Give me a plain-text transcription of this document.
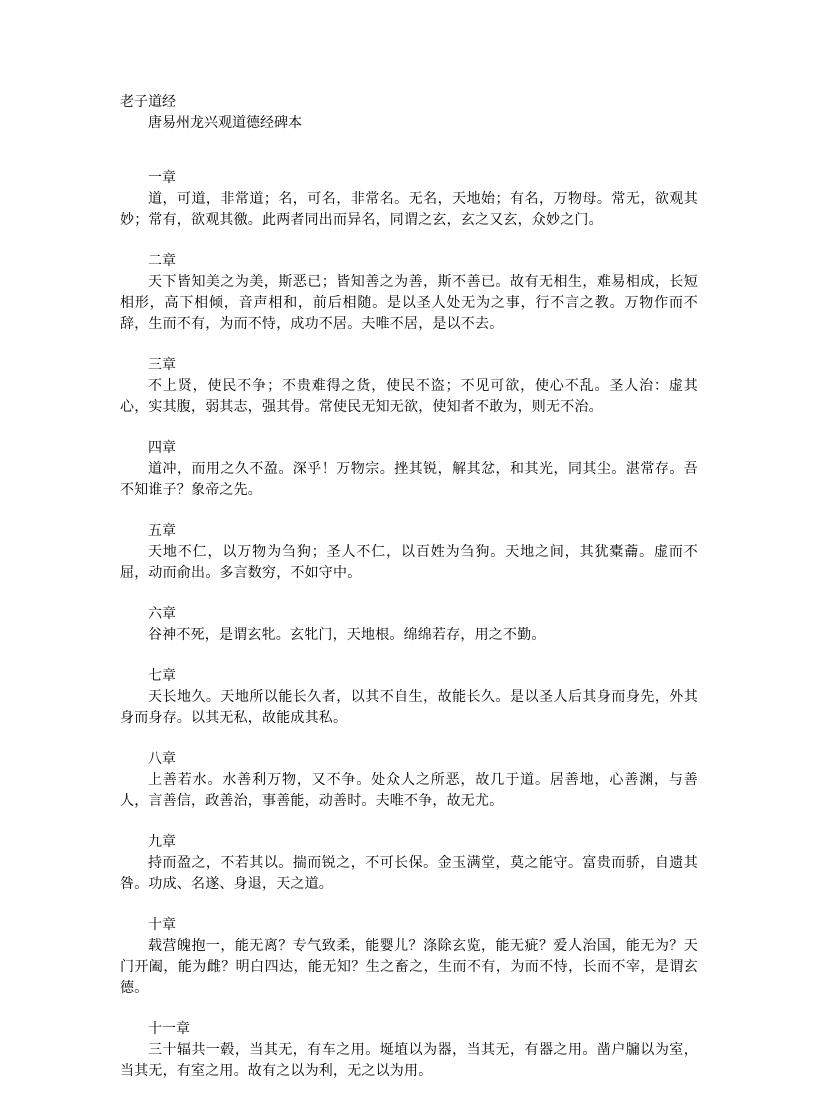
老子道经

唐易州龙兴观道德经碑本

一章

道，可道，非常道；名，可名，非常名。无名，天地始；有名，万物母。常无，欲观其妙；常有，欲观其徼。此两者同出而异名，同谓之玄，玄之又玄，众妙之门。

二章

天下皆知美之为美，斯恶已；皆知善之为善，斯不善已。故有无相生，难易相成，长短相形，高下相倾，音声相和，前后相随。是以圣人处无为之事，行不言之教。万物作而不辞，生而不有，为而不恃，成功不居。夫唯不居，是以不去。

三章

不上贤，使民不争；不贵难得之货，使民不盗；不见可欲，使心不乱。圣人治：虚其心，实其腹，弱其志，强其骨。常使民无知无欲，使知者不敢为，则无不治。

四章

道冲，而用之久不盈。深乎！万物宗。挫其锐，解其忿，和其光，同其尘。湛常存。吾不知谁子？象帝之先。

五章

天地不仁，以万物为刍狗；圣人不仁，以百姓为刍狗。天地之间，其犹橐蘥。虚而不屈，动而俞出。多言数穷，不如守中。

六章

谷神不死，是谓玄牝。玄牝门，天地根。绵绵若存，用之不勤。

七章

天长地久。天地所以能长久者，以其不自生，故能长久。是以圣人后其身而身先，外其身而身存。以其无私，故能成其私。

八章

上善若水。水善利万物，又不争。处众人之所恶，故几于道。居善地，心善渊，与善人，言善信，政善治，事善能，动善时。夫唯不争，故无尤。

九章

持而盈之，不若其以。揣而锐之，不可长保。金玉满堂，莫之能守。富贵而骄，自遗其咎。功成、名遂、身退，天之道。

十章

载营魄抱一，能无离？专气致柔，能婴儿？涤除玄览，能无疵？爱人治国，能无为？天门开阖，能为雌？明白四达，能无知？生之畜之，生而不有，为而不恃，长而不宰，是谓玄德。

十一章

三十辐共一毂，当其无，有车之用。埏埴以为器，当其无，有器之用。凿户牖以为室，当其无，有室之用。故有之以为利，无之以为用。
